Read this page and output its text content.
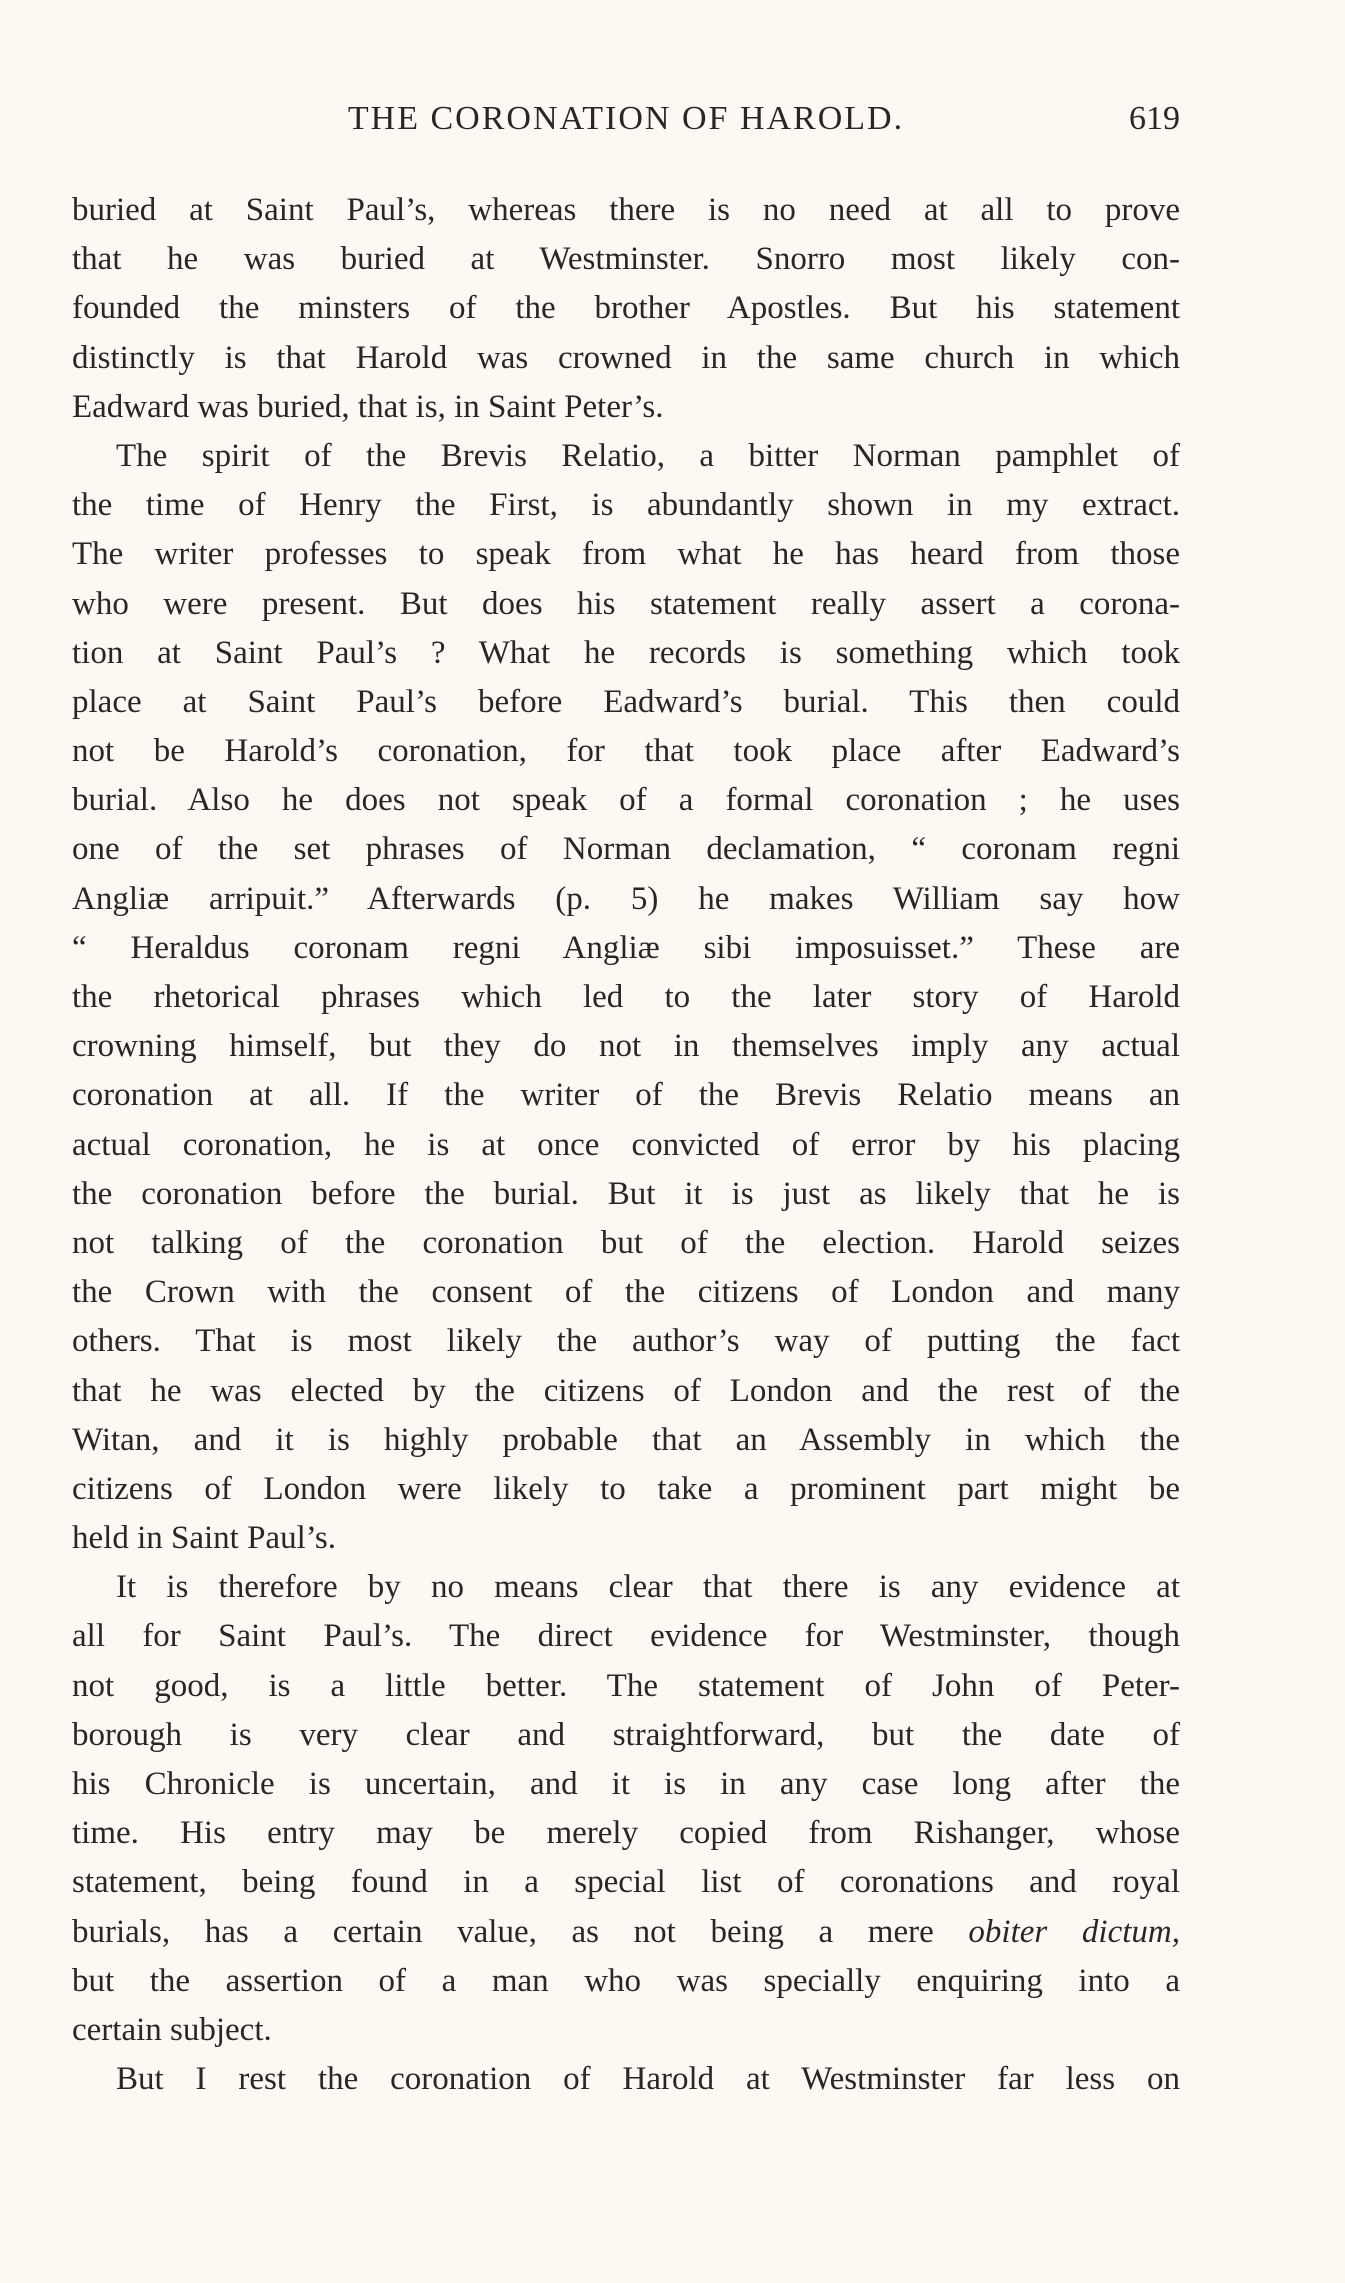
THE CORONATION OF HAROLD.	619
buried at Saint Paul’s, whereas there is no need at all to prove
that he was buried at Westminster. Snorro most likely con-
founded the minsters of the brother Apostles. But his statement
distinctly is that Harold was crowned in the same church in which
Eadward was buried, that is, in Saint Peter’s.
The spirit of the Brevis Relatio, a bitter Norman pamphlet of
the time of Henry the First, is abundantly shown in my extract.
The writer professes to speak from what he has heard from those
who were present. But does his statement really assert a corona-
tion at Saint Paul’s ? What he records is something which took
place at Saint Paul’s before Eadward’s burial. This then could
not be Harold’s coronation, for that took place after Eadward’s
burial. Also he does not speak of a formal coronation ; he uses
one of the set phrases of Norman declamation, “ coronam regni
Angliæ arripuit.” Afterwards (p. 5) he makes William say how
“ Heraldus coronam regni Angliæ sibi imposuisset.” These are
the rhetorical phrases which led to the later story of Harold
crowning himself, but they do not in themselves imply any actual
coronation at all. If the writer of the Brevis Relatio means an
actual coronation, he is at once convicted of error by his placing
the coronation before the burial. But it is just as likely that he is
not talking of the coronation but of the election. Harold seizes
the Crown with the consent of the citizens of London and many
others. That is most likely the author’s way of putting the fact
that he was elected by the citizens of London and the rest of the
Witan, and it is highly probable that an Assembly in which the
citizens of London were likely to take a prominent part might be
held in Saint Paul’s.
It is therefore by no means clear that there is any evidence at
all for Saint Paul’s. The direct evidence for Westminster, though
not good, is a little better. The statement of John of Peter-
borough is very clear and straightforward, but the date of
his Chronicle is uncertain, and it is in any case long after the
time. His entry may be merely copied from Rishanger, whose
statement, being found in a special list of coronations and royal
burials, has a certain value, as not being a mere obiter dictum,
but the assertion of a man who was specially enquiring into a
certain subject.
But I rest the coronation of Harold at Westminster far less on
